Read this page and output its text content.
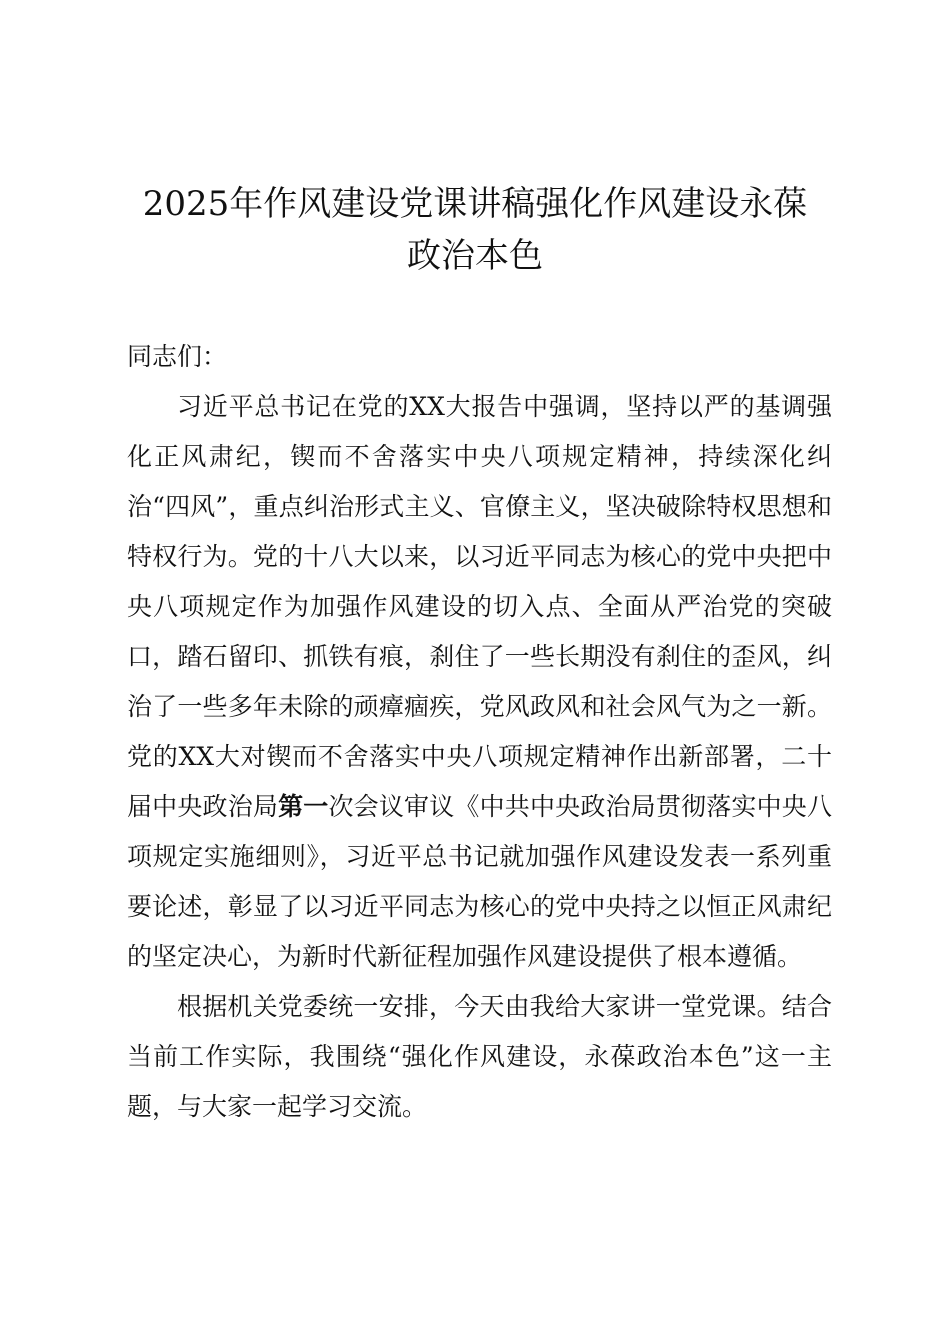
2025年作风建设党课讲稿强化作风建设永葆
政治本色

同志们：

习近平总书记在党的XX大报告中强调，坚持以严的基调强化正风肃纪，锲而不舍落实中央八项规定精神，持续深化纠治“四风”，重点纠治形式主义、官僚主义，坚决破除特权思想和特权行为。党的十八大以来，以习近平同志为核心的党中央把中央八项规定作为加强作风建设的切入点、全面从严治党的突破口，踏石留印、抓铁有痕，刹住了一些长期没有刹住的歪风，纠治了一些多年未除的顽瘴痼疾，党风政风和社会风气为之一新。党的XX大对锲而不舍落实中央八项规定精神作出新部署，二十届中央政治局第一次会议审议《中共中央政治局贯彻落实中央八项规定实施细则》，习近平总书记就加强作风建设发表一系列重要论述，彰显了以习近平同志为核心的党中央持之以恒正风肃纪的坚定决心，为新时代新征程加强作风建设提供了根本遵循。

根据机关党委统一安排，今天由我给大家讲一堂党课。结合当前工作实际，我围绕“强化作风建设，永葆政治本色”这一主题，与大家一起学习交流。
